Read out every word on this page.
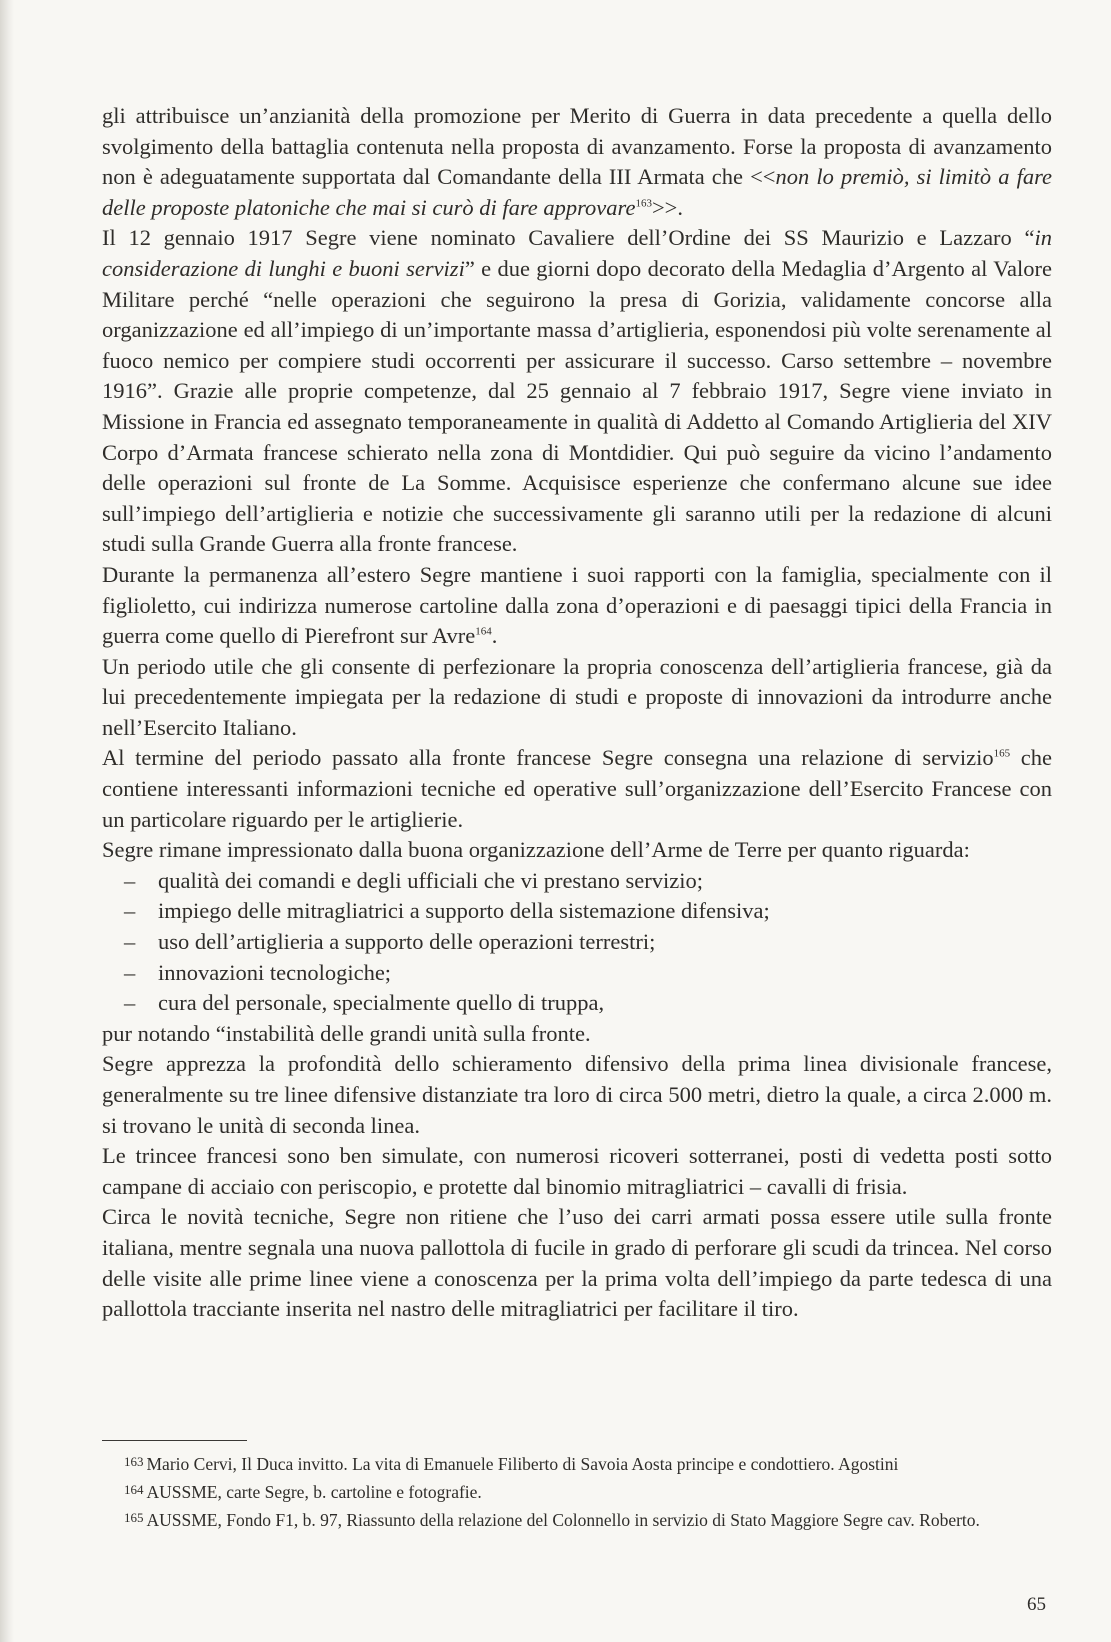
gli attribuisce un’anzianità della promozione per Merito di Guerra in data precedente a quella dello svolgimento della battaglia contenuta nella proposta di avanzamento. Forse la proposta di avanzamento non è adeguatamente supportata dal Comandante della III Armata che <<non lo premiò, si limitò a fare delle proposte platoniche che mai si curò di fare approvare$^{163}$>>.

Il 12 gennaio 1917 Segre viene nominato Cavaliere dell’Ordine dei SS Maurizio e Lazzaro “in considerazione di lunghi e buoni servizi” e due giorni dopo decorato della Medaglia d’Argento al Valore Militare perché “nelle operazioni che seguirono la presa di Gorizia, validamente concorse alla organizzazione ed all’impiego di un’importante massa d’artiglieria, esponendosi più volte serenamente al fuoco nemico per compiere studi occorrenti per assicurare il successo. Carso settembre – novembre 1916”. Grazie alle proprie competenze, dal 25 gennaio al 7 febbraio 1917, Segre viene inviato in Missione in Francia ed assegnato temporaneamente in qualità di Addetto al Comando Artiglieria del XIV Corpo d’Armata francese schierato nella zona di Montdidier. Qui può seguire da vicino l’andamento delle operazioni sul fronte de La Somme. Acquisisce esperienze che confermano alcune sue idee sull’impiego dell’artiglieria e notizie che successivamente gli saranno utili per la redazione di alcuni studi sulla Grande Guerra alla fronte francese.

Durante la permanenza all’estero Segre mantiene i suoi rapporti con la famiglia, specialmente con il figlioletto, cui indirizza numerose cartoline dalla zona d’operazioni e di paesaggi tipici della Francia in guerra come quello di Pierefront sur Avre$^{164}$.

Un periodo utile che gli consente di perfezionare la propria conoscenza dell’artiglieria francese, già da lui precedentemente impiegata per la redazione di studi e proposte di innovazioni da introdurre anche nell’Esercito Italiano.

Al termine del periodo passato alla fronte francese Segre consegna una relazione di servizio$^{165}$ che contiene interessanti informazioni tecniche ed operative sull’organizzazione dell’Esercito Francese con un particolare riguardo per le artiglierie.

Segre rimane impressionato dalla buona organizzazione dell’Arme de Terre per quanto riguarda:

– qualità dei comandi e degli ufficiali che vi prestano servizio;
– impiego delle mitragliatrici a supporto della sistemazione difensiva;
– uso dell’artiglieria a supporto delle operazioni terrestri;
– innovazioni tecnologiche;
– cura del personale, specialmente quello di truppa,

pur notando “instabilità delle grandi unità sulla fronte.

Segre apprezza la profondità dello schieramento difensivo della prima linea divisionale francese, generalmente su tre linee difensive distanziate tra loro di circa 500 metri, dietro la quale, a circa 2.000 m. si trovano le unità di seconda linea.

Le trincee francesi sono ben simulate, con numerosi ricoveri sotterranei, posti di vedetta posti sotto campane di acciaio con periscopio, e protette dal binomio mitragliatrici – cavalli di frisia.

Circa le novità tecniche, Segre non ritiene che l’uso dei carri armati possa essere utile sulla fronte italiana, mentre segnala una nuova pallottola di fucile in grado di perforare gli scudi da trincea. Nel corso delle visite alle prime linee viene a conoscenza per la prima volta dell’impiego da parte tedesca di una pallottola tracciante inserita nel nastro delle mitragliatrici per facilitare il tiro.

$^{163}$ Mario Cervi, Il Duca invitto. La vita di Emanuele Filiberto di Savoia Aosta principe e condottiero. Agostini

$^{164}$ AUSSME, carte Segre, b. cartoline e fotografie.

$^{165}$ AUSSME, Fondo F1, b. 97, Riassunto della relazione del Colonnello in servizio di Stato Maggiore Segre cav. Roberto.

65
